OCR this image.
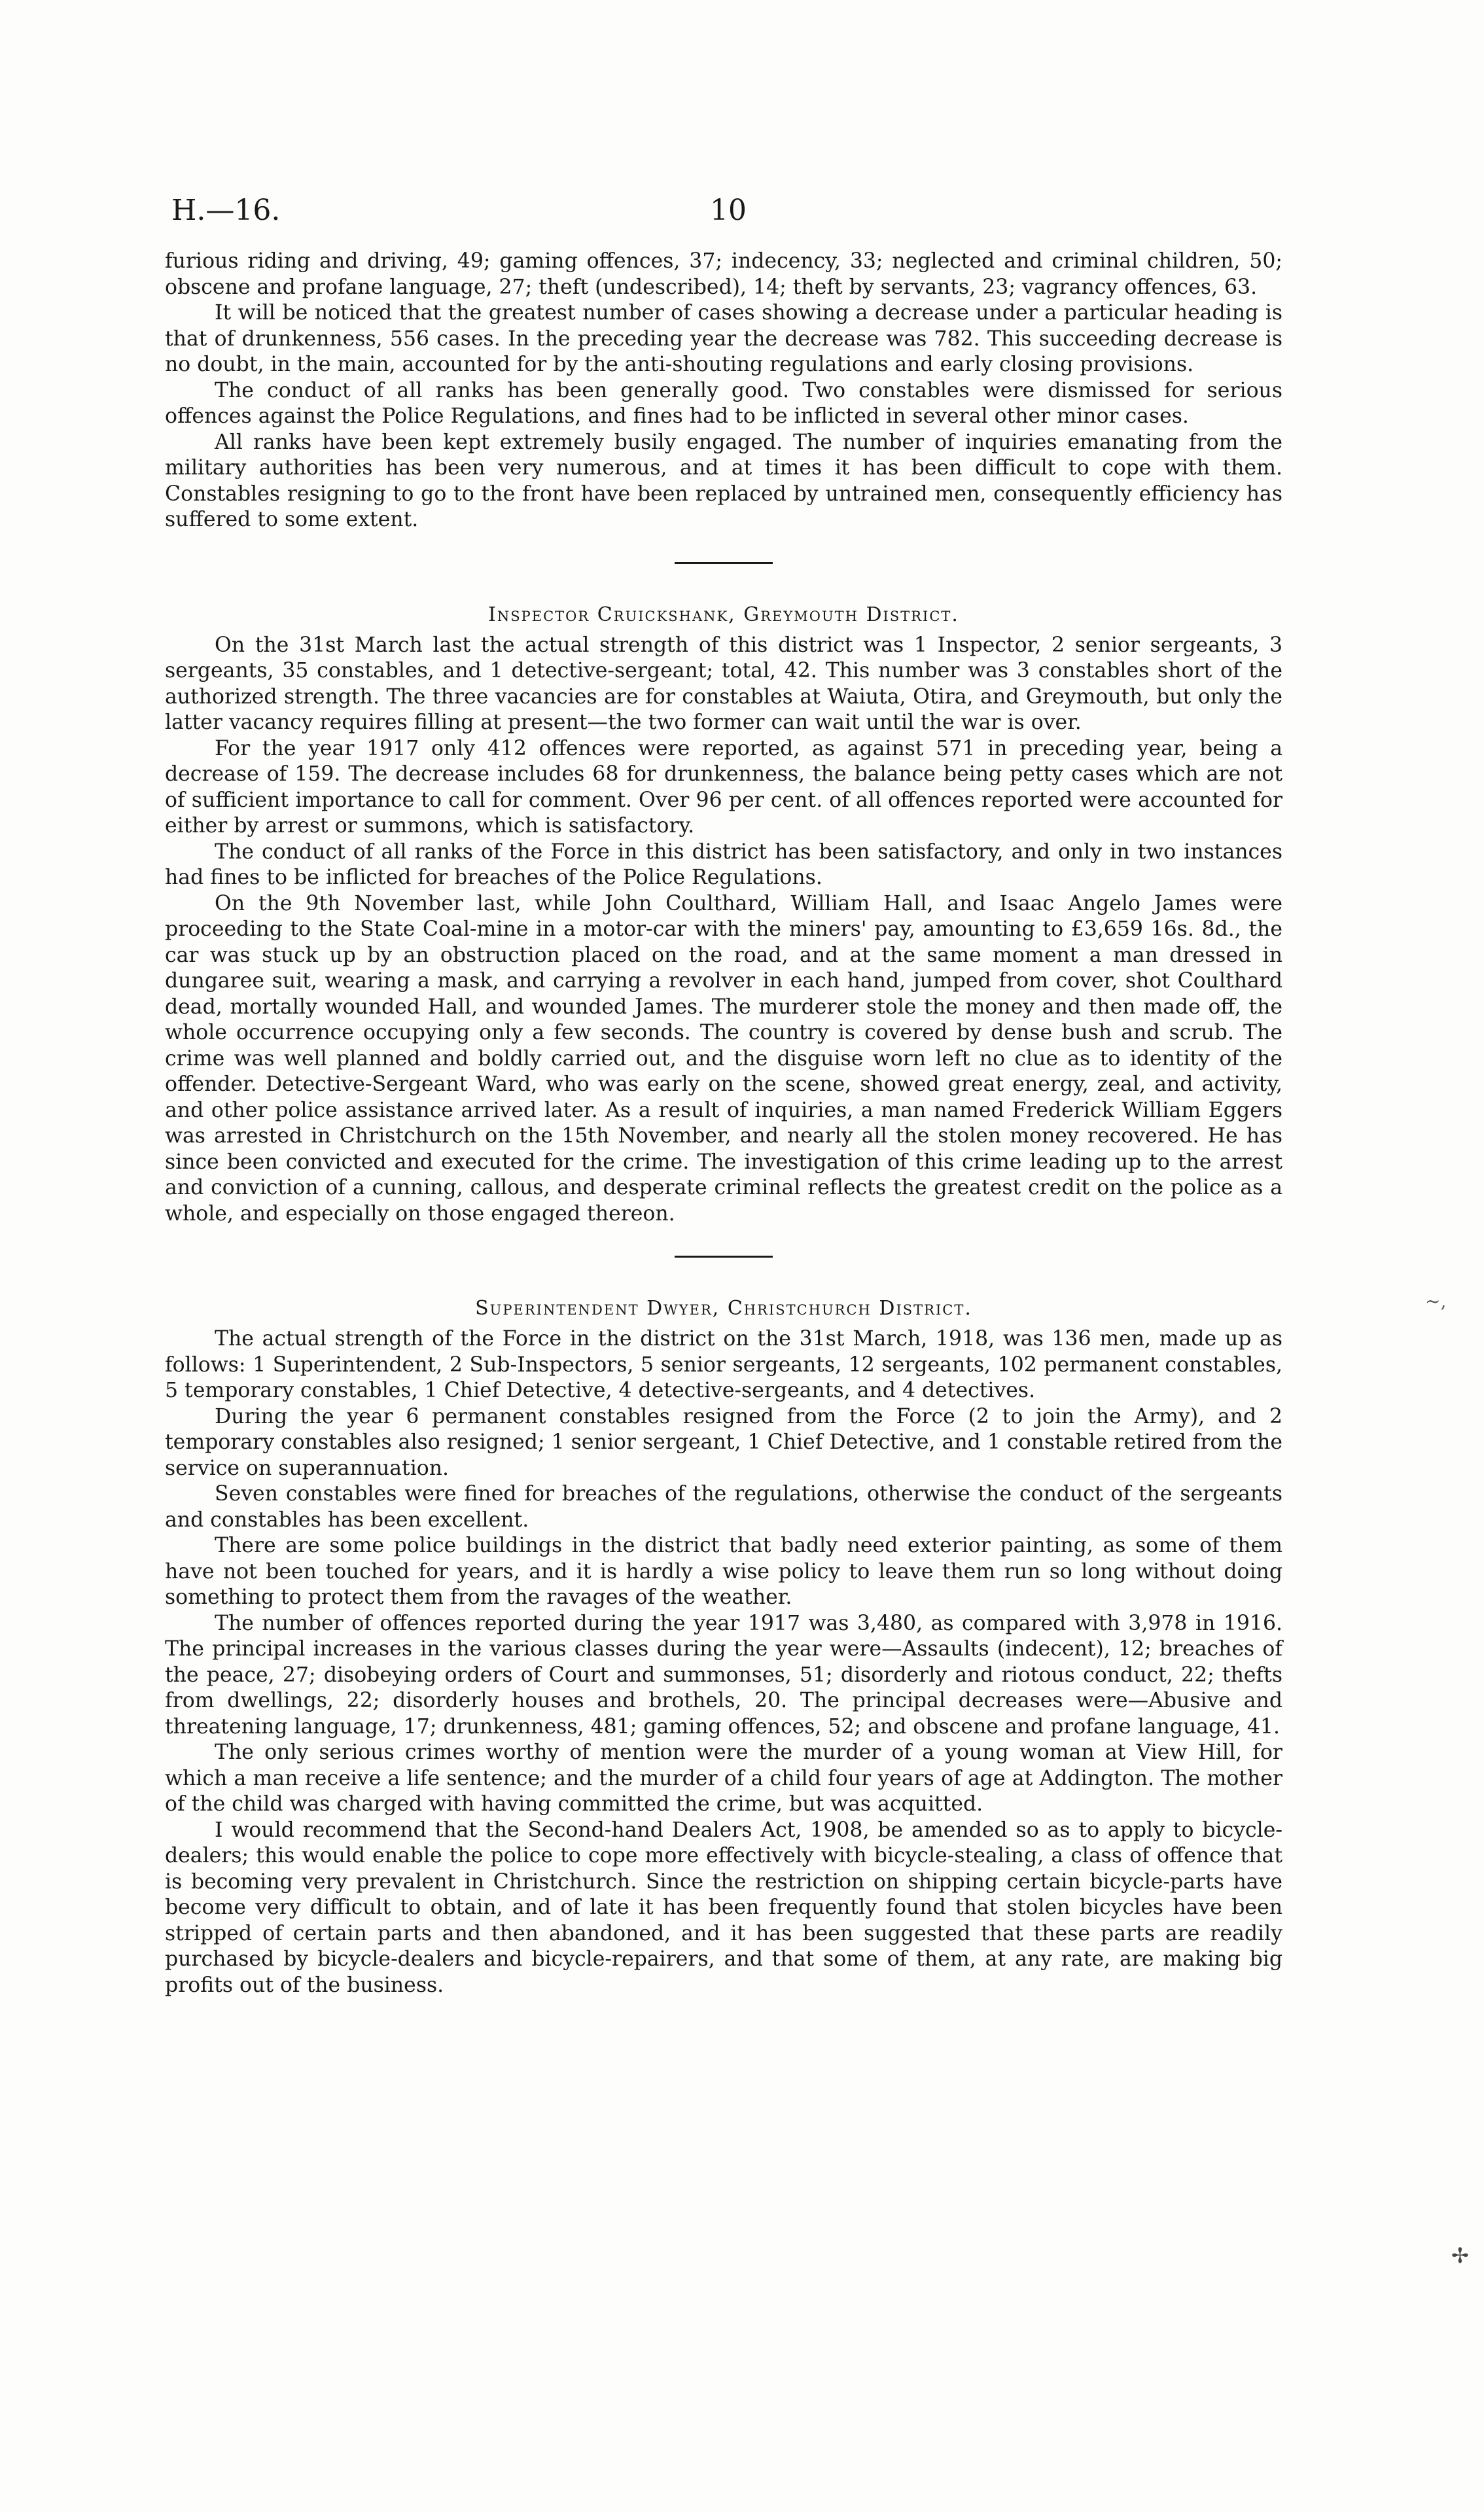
H.—16.	10

furious riding and driving, 49; gaming offences, 37; indecency, 33; neglected and criminal children, 50; obscene and profane language, 27; theft (undescribed), 14; theft by servants, 23; vagrancy offences, 63.

It will be noticed that the greatest number of cases showing a decrease under a particular heading is that of drunkenness, 556 cases. In the preceding year the decrease was 782. This succeeding decrease is no doubt, in the main, accounted for by the anti-shouting regulations and early closing provisions.

The conduct of all ranks has been generally good. Two constables were dismissed for serious offences against the Police Regulations, and fines had to be inflicted in several other minor cases.

All ranks have been kept extremely busily engaged. The number of inquiries emanating from the military authorities has been very numerous, and at times it has been difficult to cope with them. Constables resigning to go to the front have been replaced by untrained men, consequently efficiency has suffered to some extent.

Inspector Cruickshank, Greymouth District.

On the 31st March last the actual strength of this district was 1 Inspector, 2 senior sergeants, 3 sergeants, 35 constables, and 1 detective-sergeant; total, 42. This number was 3 constables short of the authorized strength. The three vacancies are for constables at Waiuta, Otira, and Greymouth, but only the latter vacancy requires filling at present—the two former can wait until the war is over.

For the year 1917 only 412 offences were reported, as against 571 in preceding year, being a decrease of 159. The decrease includes 68 for drunkenness, the balance being petty cases which are not of sufficient importance to call for comment. Over 96 per cent. of all offences reported were accounted for either by arrest or summons, which is satisfactory.

The conduct of all ranks of the Force in this district has been satisfactory, and only in two instances had fines to be inflicted for breaches of the Police Regulations.

On the 9th November last, while John Coulthard, William Hall, and Isaac Angelo James were proceeding to the State Coal-mine in a motor-car with the miners' pay, amounting to £3,659 16s. 8d., the car was stuck up by an obstruction placed on the road, and at the same moment a man dressed in dungaree suit, wearing a mask, and carrying a revolver in each hand, jumped from cover, shot Coulthard dead, mortally wounded Hall, and wounded James. The murderer stole the money and then made off, the whole occurrence occupying only a few seconds. The country is covered by dense bush and scrub. The crime was well planned and boldly carried out, and the disguise worn left no clue as to identity of the offender. Detective-Sergeant Ward, who was early on the scene, showed great energy, zeal, and activity, and other police assistance arrived later. As a result of inquiries, a man named Frederick William Eggers was arrested in Christchurch on the 15th November, and nearly all the stolen money recovered. He has since been convicted and executed for the crime. The investigation of this crime leading up to the arrest and conviction of a cunning, callous, and desperate criminal reflects the greatest credit on the police as a whole, and especially on those engaged thereon.

Superintendent Dwyer, Christchurch District.

The actual strength of the Force in the district on the 31st March, 1918, was 136 men, made up as follows: 1 Superintendent, 2 Sub-Inspectors, 5 senior sergeants, 12 sergeants, 102 permanent constables, 5 temporary constables, 1 Chief Detective, 4 detective-sergeants, and 4 detectives.

During the year 6 permanent constables resigned from the Force (2 to join the Army), and 2 temporary constables also resigned; 1 senior sergeant, 1 Chief Detective, and 1 constable retired from the service on superannuation.

Seven constables were fined for breaches of the regulations, otherwise the conduct of the sergeants and constables has been excellent.

There are some police buildings in the district that badly need exterior painting, as some of them have not been touched for years, and it is hardly a wise policy to leave them run so long without doing something to protect them from the ravages of the weather.

The number of offences reported during the year 1917 was 3,480, as compared with 3,978 in 1916. The principal increases in the various classes during the year were—Assaults (indecent), 12; breaches of the peace, 27; disobeying orders of Court and summonses, 51; disorderly and riotous conduct, 22; thefts from dwellings, 22; disorderly houses and brothels, 20. The principal decreases were—Abusive and threatening language, 17; drunkenness, 481; gaming offences, 52; and obscene and profane language, 41.

The only serious crimes worthy of mention were the murder of a young woman at View Hill, for which a man receive a life sentence; and the murder of a child four years of age at Addington. The mother of the child was charged with having committed the crime, but was acquitted.

I would recommend that the Second-hand Dealers Act, 1908, be amended so as to apply to bicycle-dealers; this would enable the police to cope more effectively with bicycle-stealing, a class of offence that is becoming very prevalent in Christchurch. Since the restriction on shipping certain bicycle-parts have become very difficult to obtain, and of late it has been frequently found that stolen bicycles have been stripped of certain parts and then abandoned, and it has been suggested that these parts are readily purchased by bicycle-dealers and bicycle-repairers, and that some of them, at any rate, are making big profits out of the business.

~,
✢
